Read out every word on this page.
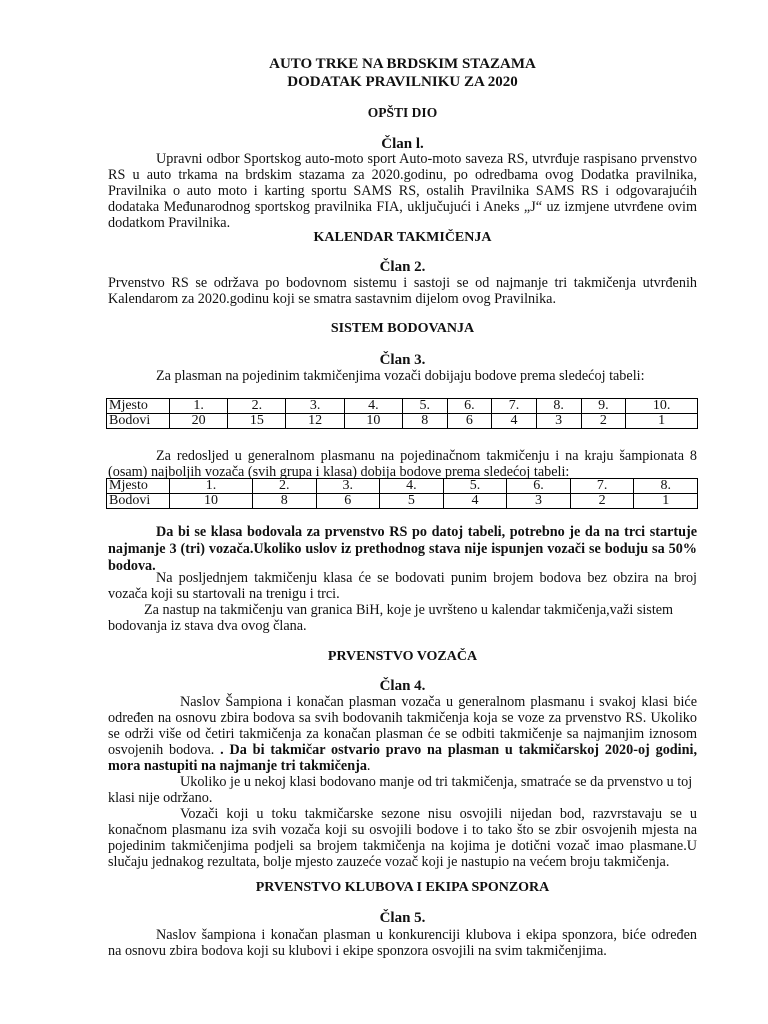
AUTO TRKE NA BRDSKIM STAZAMA
DODATAK PRAVILNIKU ZA 2020
OPŠTI DIO
Član l.
Upravni odbor Sportskog auto-moto sport Auto-moto saveza RS, utvrđuje raspisano prvenstvo
RS u auto trkama na brdskim stazama za 2020.godinu, po odredbama ovog Dodatka pravilnika,
Pravilnika o auto moto i karting sportu SAMS RS, ostalih Pravilnika SAMS RS i odgovarajućih
dodataka Međunarodnog sportskog pravilnika FIA, uključujući i Aneks „J“ uz izmjene utvrđene ovim
dodatkom Pravilnika.
KALENDAR TAKMIČENJA
Član 2.
Prvenstvo RS se održava po bodovnom sistemu i sastoji se od najmanje tri takmičenja utvrđenih
Kalendarom za 2020.godinu koji se smatra sastavnim dijelom ovog Pravilnika.
SISTEM BODOVANJA
Član 3.
Za plasman na pojedinim takmičenjima vozači dobijaju bodove prema sledećoj tabeli:
Mjesto	1.	2.	3.	4.	5.	6.	7.	8.	9.	10.
Bodovi	20	15	12	10	8	6	4	3	2	1
Za redoslјed u generalnom plasmanu na pojedinačnom takmičenju i na kraju šampionata 8
(osam) najboljih vozača (svih grupa i klasa) dobija bodove prema sledećoj tabeli:
Mjesto	1.	2.	3.	4.	5.	6.	7.	8.
Bodovi	10	8	6	5	4	3	2	1
Da bi se klasa bodovala za prvenstvo RS po datoj tabeli, potrebno je da na trci startuje
najmanje 3 (tri) vozača.Ukoliko uslov iz prethodnog stava nije ispunjen vozači se boduju sa 50%
bodova.
Na posljednjem takmičenju klasa će se bodovati punim brojem bodova bez obzira na broj
vozača koji su startovali na trenigu i trci.
Za nastup na takmičenju van granica BiH, koje je uvršteno u kalendar takmičenja,važi sistem
bodovanja iz stava dva ovog člana.
PRVENSTVO VOZAČA
Član 4.
Naslov Šampiona i konačan plasman vozača u generalnom plasmanu i svakoj klasi biće
određen na osnovu zbira bodova sa svih bodovanih takmičenja koja se voze za prvenstvo RS. Ukoliko
se održi više od četiri takmičenja za konačan plasman će se odbiti takmičenje sa najmanjim iznosom
osvojenih bodova. . Da bi takmičar ostvario pravo na plasman u takmičarskoj 2020-oj godini,
mora nastupiti na najmanje tri takmičenja.
Ukoliko je u nekoj klasi bodovano manje od tri takmičenja, smatraće se da prvenstvo u toj
klasi nije održano.
Vozači koji u toku takmičarske sezone nisu osvojili nijedan bod, razvrstavaju se u
konačnom plasmanu iza svih vozača koji su osvojili bodove i to tako što se zbir osvojenih mjesta na
pojedinim takmičenjima podjeli sa brojem takmičenja na kojima je dotični vozač imao plasmane.U
slučaju jednakog rezultata, bolje mjesto zauzeće vozač koji je nastupio na većem broju takmičenja.
PRVENSTVO KLUBOVA I EKIPA SPONZORA
Član 5.
Naslov šampiona i konačan plasman u konkurenciji klubova i ekipa sponzora, biće određen
na osnovu zbira bodova koji su klubovi i ekipe sponzora osvojili na svim takmičenjima.
